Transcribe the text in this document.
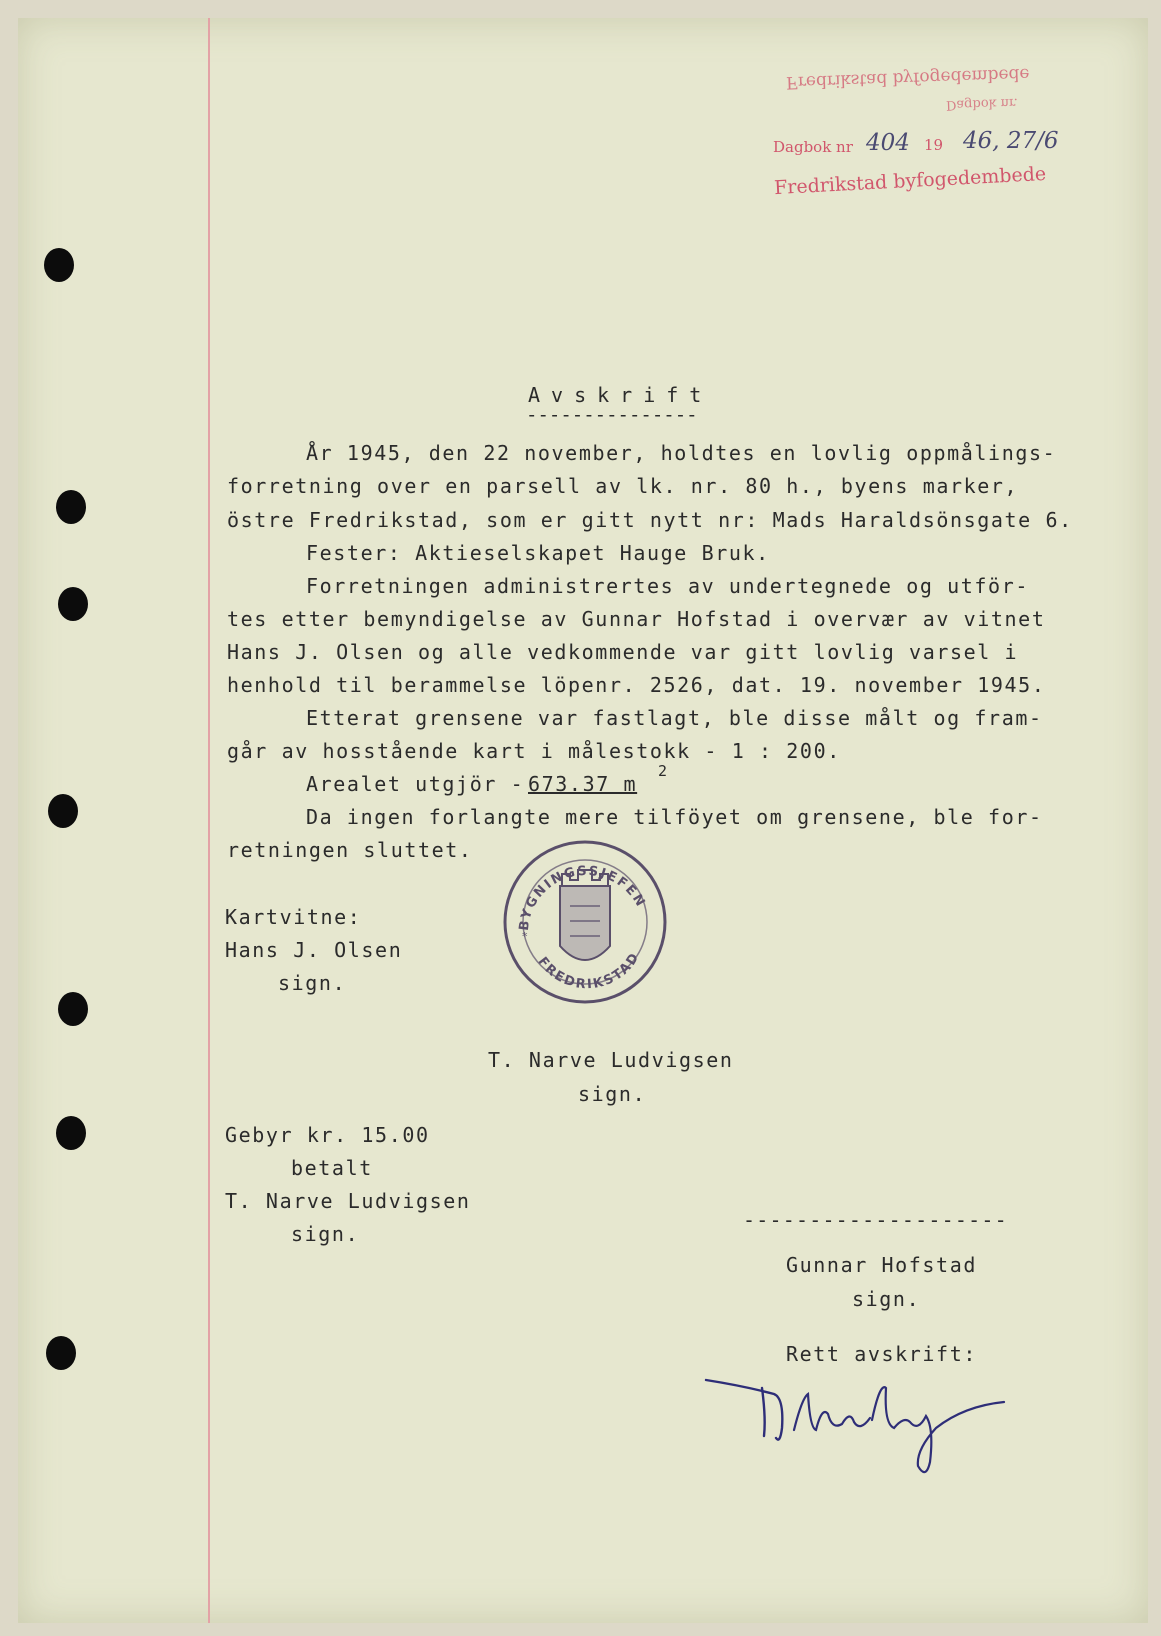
Fredrikstad byfogedembede
Dagbok nr.
Dagbok nr 404 19 46, 27/6
Fredrikstad byfogedembede
Avskrift
---------------
År 1945, den 22 november, holdtes en lovlig oppmålings-
forretning over en parsell av lk. nr. 80 h., byens marker,
östre Fredrikstad, som er gitt nytt nr: Mads Haraldsönsgate 6.
Fester: Aktieselskapet Hauge Bruk.
Forretningen administrertes av undertegnede og utför-
tes etter bemyndigelse av Gunnar Hofstad i overvær av vitnet
Hans J. Olsen og alle vedkommende var gitt lovlig varsel i
henhold til berammelse löpenr. 2526, dat. 19. november 1945.
Etterat grensene var fastlagt, ble disse målt og fram-
går av hosstående kart i målestokk - 1 : 200.
Arealet utgjör -
673.37 m
2
Da ingen forlangte mere tilföyet om grensene, ble for-
retningen sluttet.
Kartvitne:
Hans J. Olsen
sign.
BYGNINGSSJEFEN
FREDRIKSTAD
*
T. Narve Ludvigsen
sign.
Gebyr kr. 15.00
betalt
T. Narve Ludvigsen
sign.
--------------------
Gunnar Hofstad
sign.
Rett avskrift:
